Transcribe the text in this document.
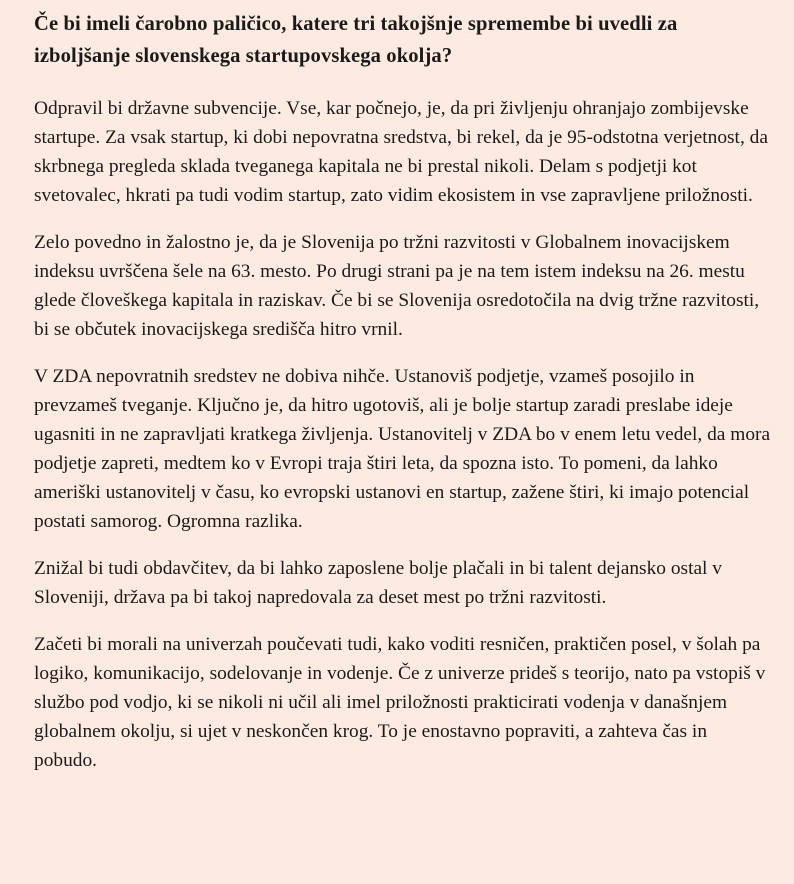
Če bi imeli čarobno paličico, katere tri takojšnje spremembe bi uvedli za izboljšanje slovenskega startupovskega okolja?

Odpravil bi državne subvencije. Vse, kar počnejo, je, da pri življenju ohranjajo zombijevske startupe. Za vsak startup, ki dobi nepovratna sredstva, bi rekel, da je 95-odstotna verjetnost, da skrbnega pregleda sklada tveganega kapitala ne bi prestal nikoli. Delam s podjetji kot svetovalec, hkrati pa tudi vodim startup, zato vidim ekosistem in vse zapravljene priložnosti.

Zelo povedno in žalostno je, da je Slovenija po tržni razvitosti v Globalnem inovacijskem indeksu uvrščena šele na 63. mesto. Po drugi strani pa je na tem istem indeksu na 26. mestu glede človeškega kapitala in raziskav. Če bi se Slovenija osredotočila na dvig tržne razvitosti, bi se občutek inovacijskega središča hitro vrnil.

V ZDA nepovratnih sredstev ne dobiva nihče. Ustanoviš podjetje, vzameš posojilo in prevzameš tveganje. Ključno je, da hitro ugotoviš, ali je bolje startup zaradi preslabe ideje ugasniti in ne zapravljati kratkega življenja. Ustanovitelj v ZDA bo v enem letu vedel, da mora podjetje zapreti, medtem ko v Evropi traja štiri leta, da spozna isto. To pomeni, da lahko ameriški ustanovitelj v času, ko evropski ustanovi en startup, zažene štiri, ki imajo potencial postati samorog. Ogromna razlika.

Znižal bi tudi obdavčitev, da bi lahko zaposlene bolje plačali in bi talent dejansko ostal v Sloveniji, država pa bi takoj napredovala za deset mest po tržni razvitosti.

Začeti bi morali na univerzah poučevati tudi, kako voditi resničen, praktičen posel, v šolah pa logiko, komunikacijo, sodelovanje in vodenje. Če z univerze prideš s teorijo, nato pa vstopiš v službo pod vodjo, ki se nikoli ni učil ali imel priložnosti prakticirati vodenja v današnjem globalnem okolju, si ujet v neskončen krog. To je enostavno popraviti, a zahteva čas in pobudo.
